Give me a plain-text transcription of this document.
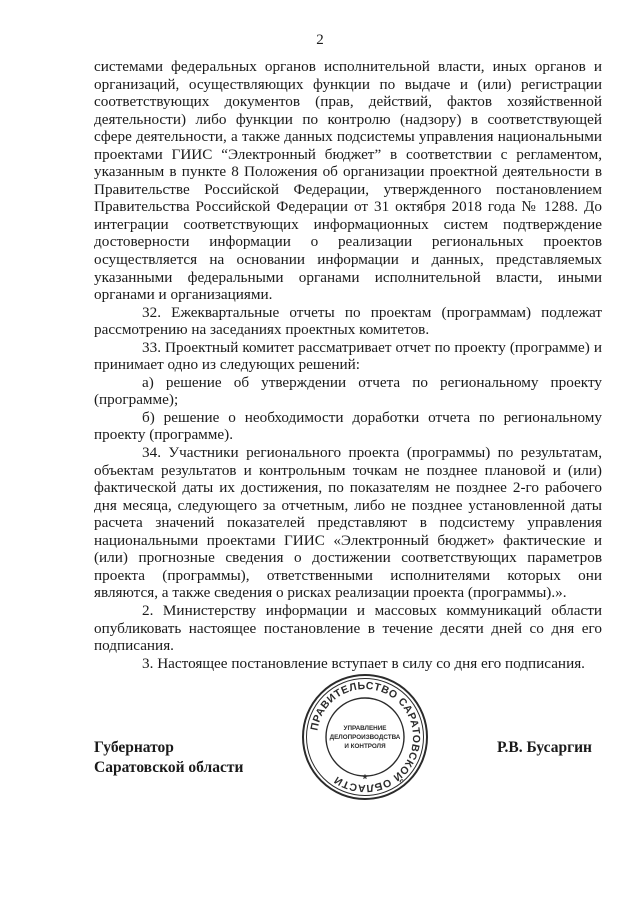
2

системами федеральных органов исполнительной власти, иных органов и организаций, осуществляющих функции по выдаче и (или) регистрации соответствующих документов (прав, действий, фактов хозяйственной деятельности) либо функции по контролю (надзору) в соответствующей сфере деятельности, а также данных подсистемы управления национальными проектами ГИИС “Электронный бюджет” в соответствии с регламентом, указанным в пункте 8 Положения об организации проектной деятельности в Правительстве Российской Федерации, утвержденного постановлением Правительства Российской Федерации от 31 октября 2018 года № 1288. До интеграции соответствующих информационных систем подтверждение достоверности информации о реализации региональных проектов осуществляется на основании информации и данных, представляемых указанными федеральными органами исполнительной власти, иными органами и организациями.

32. Ежеквартальные отчеты по проектам (программам) подлежат рассмотрению на заседаниях проектных комитетов.

33. Проектный комитет рассматривает отчет по проекту (программе) и принимает одно из следующих решений:

а) решение об утверждении отчета по региональному проекту (программе);

б) решение о необходимости доработки отчета по региональному проекту (программе).

34. Участники регионального проекта (программы) по результатам, объектам результатов и контрольным точкам не позднее плановой и (или) фактической даты их достижения, по показателям не позднее 2-го рабочего дня месяца, следующего за отчетным, либо не позднее установленной даты расчета значений показателей представляют в подсистему управления национальными проектами ГИИС «Электронный бюджет» фактические и (или) прогнозные сведения о достижении соответствующих параметров проекта (программы), ответственными исполнителями которых они являются, а также сведения о рисках реализации проекта (программы).».

2. Министерству информации и массовых коммуникаций области опубликовать настоящее постановление в течение десяти дней со дня его подписания.

3. Настоящее постановление вступает в силу со дня его подписания.

Губернатор
Саратовской области
Р.В. Бусаргин
ПРАВИТЕЛЬСТВО САРАТОВСКОЙ ОБЛАСТИ
УПРАВЛЕНИЕ
ДЕЛОПРОИЗВОДСТВА
И КОНТРОЛЯ
*
